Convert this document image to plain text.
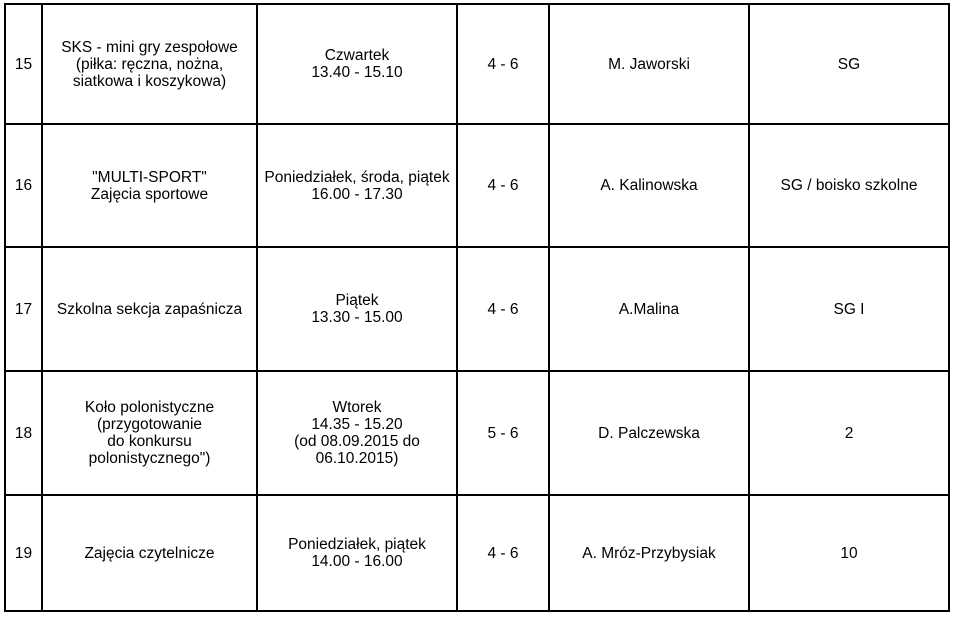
15	SKS - mini gry zespołowe
(piłka: ręczna, nożna,
siatkowa i koszykowa)	Czwartek
13.40 - 15.10	4 - 6	M. Jaworski	SG
16	"MULTI-SPORT"
Zajęcia sportowe	Poniedziałek, środa, piątek
16.00 - 17.30	4 - 6	A. Kalinowska	SG / boisko szkolne
17	Szkolna sekcja zapaśnicza	Piątek
13.30 - 15.00	4 - 6	A.Malina	SG I
18	Koło polonistyczne
(przygotowanie
do konkursu
polonistycznego")	Wtorek
14.35 - 15.20
(od 08.09.2015 do
06.10.2015)	5 - 6	D. Palczewska	2
19	Zajęcia czytelnicze	Poniedziałek, piątek
14.00 - 16.00	4 - 6	A. Mróz-Przybysiak	10
